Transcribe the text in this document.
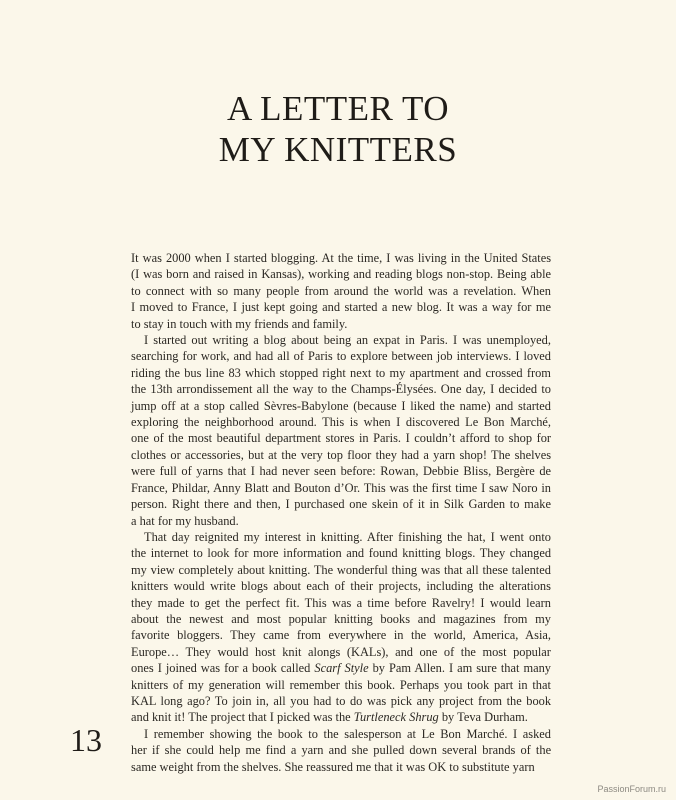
A LETTER TO
MY KNITTERS
It was 2000 when I started blogging. At the time, I was living in the United States
(I was born and raised in Kansas), working and reading blogs non-stop. Being able
to connect with so many people from around the world was a revelation. When
I moved to France, I just kept going and started a new blog. It was a way for me
to stay in touch with my friends and family.
I started out writing a blog about being an expat in Paris. I was unemployed,
searching for work, and had all of Paris to explore between job interviews. I loved
riding the bus line 83 which stopped right next to my apartment and crossed from
the 13th arrondissement all the way to the Champs-Élysées. One day, I decided to
jump off at a stop called Sèvres-Babylone (because I liked the name) and started
exploring the neighborhood around. This is when I discovered Le Bon Marché,
one of the most beautiful department stores in Paris. I couldn’t afford to shop for
clothes or accessories, but at the very top floor they had a yarn shop! The shelves
were full of yarns that I had never seen before: Rowan, Debbie Bliss, Bergère de
France, Phildar, Anny Blatt and Bouton d’Or. This was the first time I saw Noro in
person. Right there and then, I purchased one skein of it in Silk Garden to make
a hat for my husband.
That day reignited my interest in knitting. After finishing the hat, I went onto
the internet to look for more information and found knitting blogs. They changed
my view completely about knitting. The wonderful thing was that all these talented
knitters would write blogs about each of their projects, including the alterations
they made to get the perfect fit. This was a time before Ravelry! I would learn
about the newest and most popular knitting books and magazines from my
favorite bloggers. They came from everywhere in the world, America, Asia,
Europe… They would host knit alongs (KALs), and one of the most popular
ones I joined was for a book called Scarf Style by Pam Allen. I am sure that many
knitters of my generation will remember this book. Perhaps you took part in that
KAL long ago? To join in, all you had to do was pick any project from the book
and knit it! The project that I picked was the Turtleneck Shrug by Teva Durham.
I remember showing the book to the salesperson at Le Bon Marché. I asked
her if she could help me find a yarn and she pulled down several brands of the
same weight from the shelves. She reassured me that it was OK to substitute yarn
13
PassionForum.ru
